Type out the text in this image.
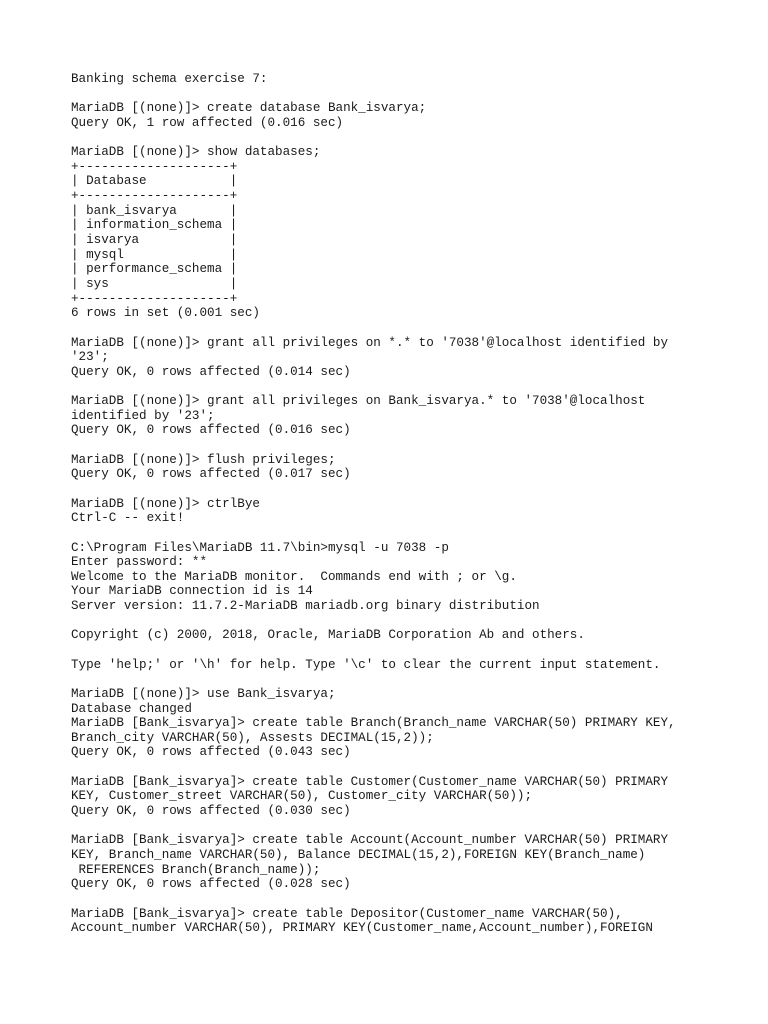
Banking schema exercise 7:
MariaDB [(none)]> create database Bank_isvarya;
Query OK, 1 row affected (0.016 sec)
MariaDB [(none)]> show databases;
+--------------------+
| Database           |
+--------------------+
| bank_isvarya       |
| information_schema |
| isvarya            |
| mysql              |
| performance_schema |
| sys                |
+--------------------+
6 rows in set (0.001 sec)
MariaDB [(none)]> grant all privileges on *.* to '7038'@localhost identified by
'23';
Query OK, 0 rows affected (0.014 sec)
MariaDB [(none)]> grant all privileges on Bank_isvarya.* to '7038'@localhost
identified by '23';
Query OK, 0 rows affected (0.016 sec)
MariaDB [(none)]> flush privileges;
Query OK, 0 rows affected (0.017 sec)
MariaDB [(none)]> ctrlBye
Ctrl-C -- exit!
C:\Program Files\MariaDB 11.7\bin>mysql -u 7038 -p
Enter password: **
Welcome to the MariaDB monitor.  Commands end with ; or \g.
Your MariaDB connection id is 14
Server version: 11.7.2-MariaDB mariadb.org binary distribution
Copyright (c) 2000, 2018, Oracle, MariaDB Corporation Ab and others.
Type 'help;' or '\h' for help. Type '\c' to clear the current input statement.
MariaDB [(none)]> use Bank_isvarya;
Database changed
MariaDB [Bank_isvarya]> create table Branch(Branch_name VARCHAR(50) PRIMARY KEY,
Branch_city VARCHAR(50), Assests DECIMAL(15,2));
Query OK, 0 rows affected (0.043 sec)
MariaDB [Bank_isvarya]> create table Customer(Customer_name VARCHAR(50) PRIMARY
KEY, Customer_street VARCHAR(50), Customer_city VARCHAR(50));
Query OK, 0 rows affected (0.030 sec)
MariaDB [Bank_isvarya]> create table Account(Account_number VARCHAR(50) PRIMARY
KEY, Branch_name VARCHAR(50), Balance DECIMAL(15,2),FOREIGN KEY(Branch_name)
REFERENCES Branch(Branch_name));
Query OK, 0 rows affected (0.028 sec)
MariaDB [Bank_isvarya]> create table Depositor(Customer_name VARCHAR(50),
Account_number VARCHAR(50), PRIMARY KEY(Customer_name,Account_number),FOREIGN
